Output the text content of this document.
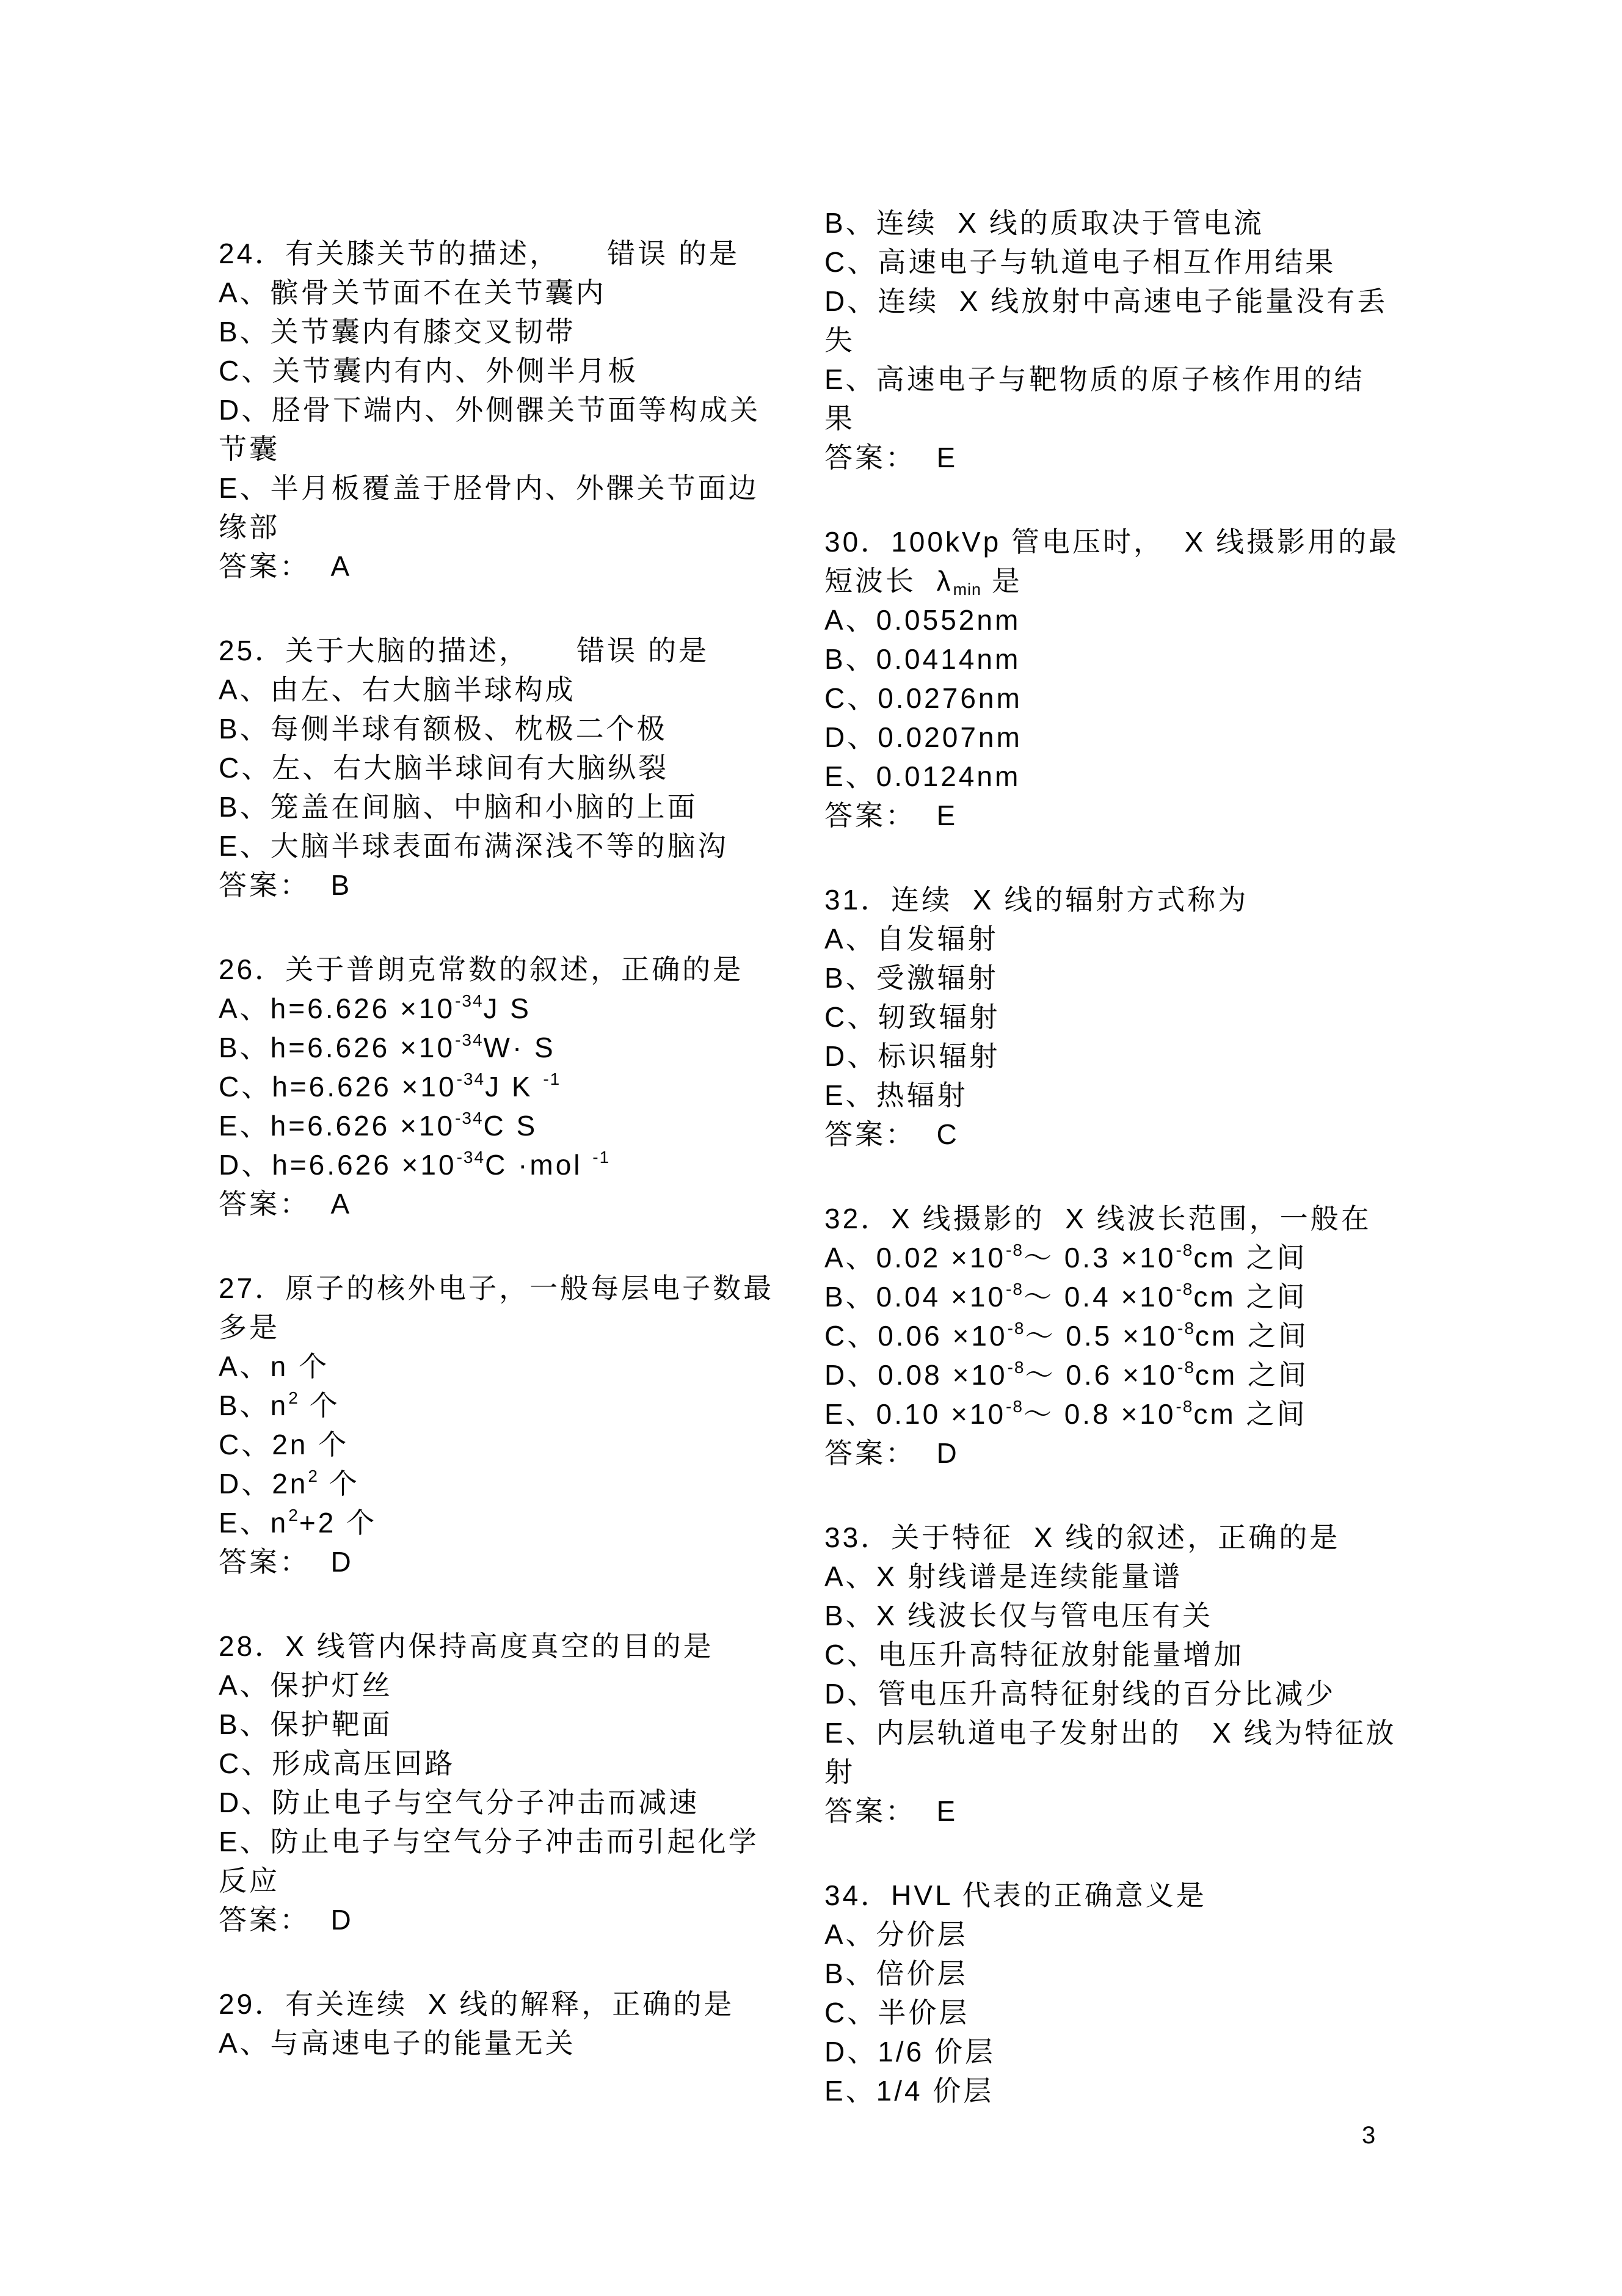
24．有关膝关节的描述，　　错误 的是
A、髌骨关节面不在关节囊内
B、关节囊内有膝交叉韧带
C、关节囊内有内、外侧半月板
D、胫骨下端内、外侧髁关节面等构成关
节囊
E、半月板覆盖于胫骨内、外髁关节面边
缘部
答案：  A
25．关于大脑的描述，　　错误 的是
A、由左、右大脑半球构成
B、每侧半球有额极、枕极二个极
C、左、右大脑半球间有大脑纵裂
B、笼盖在间脑、中脑和小脑的上面
E、大脑半球表面布满深浅不等的脑沟
答案：  B
26．关于普朗克常数的叙述，正确的是
A、$h=6.626 \times 10^{-34}J$ S
B、$h=6.626 \times 10^{-34}W\cdot S$
C、$h=6.626 \times 10^{-34}J$ K $^{-1}$
E、$h=6.626 \times 10^{-34}C$ S
D、$h=6.626 \times 10^{-34}C \cdot mol$ $^{-1}$
答案：  A
27．原子的核外电子，一般每层电子数最
多是
A、n 个
B、$n^2$ 个
C、2n 个
D、$2n^2$ 个
E、$n^2+2$ 个
答案：  D
28．X 线管内保持高度真空的目的是
A、保护灯丝
B、保护靶面
C、形成高压回路
D、防止电子与空气分子冲击而减速
E、防止电子与空气分子冲击而引起化学
反应
答案：  D
29．有关连续  X 线的解释，正确的是
A、与高速电子的能量无关
B、连续  X 线的质取决于管电流
C、高速电子与轨道电子相互作用结果
D、连续  X 线放射中高速电子能量没有丢
失
E、高速电子与靶物质的原子核作用的结
果
答案：  E
30．100kVp 管电压时，  X 线摄影用的最
短波长  λmin 是
A、0.0552nm
B、0.0414nm
C、0.0276nm
D、0.0207nm
E、0.0124nm
答案：  E
31．连续  X 线的辐射方式称为
A、自发辐射
B、受激辐射
C、轫致辐射
D、标识辐射
E、热辐射
答案：  C
32．X 线摄影的  X 线波长范围，一般在
A、$0.02 \times 10^{-8}\sim$ $0.3 \times 10^{-8}cm$ 之间
B、$0.04 \times 10^{-8}\sim$ $0.4 \times 10^{-8}cm$ 之间
C、$0.06 \times 10^{-8}\sim$ $0.5 \times 10^{-8}cm$ 之间
D、$0.08 \times 10^{-8}\sim$ $0.6 \times 10^{-8}cm$ 之间
E、$0.10 \times 10^{-8}\sim$ $0.8 \times 10^{-8}cm$ 之间
答案：  D
33．关于特征  X 线的叙述，正确的是
A、X 射线谱是连续能量谱
B、X 线波长仅与管电压有关
C、电压升高特征放射能量增加
D、管电压升高特征射线的百分比减少
E、内层轨道电子发射出的   X 线为特征放
射
答案：  E
34．HVL 代表的正确意义是
A、分价层
B、倍价层
C、半价层
D、1/6 价层
E、1/4 价层
3
